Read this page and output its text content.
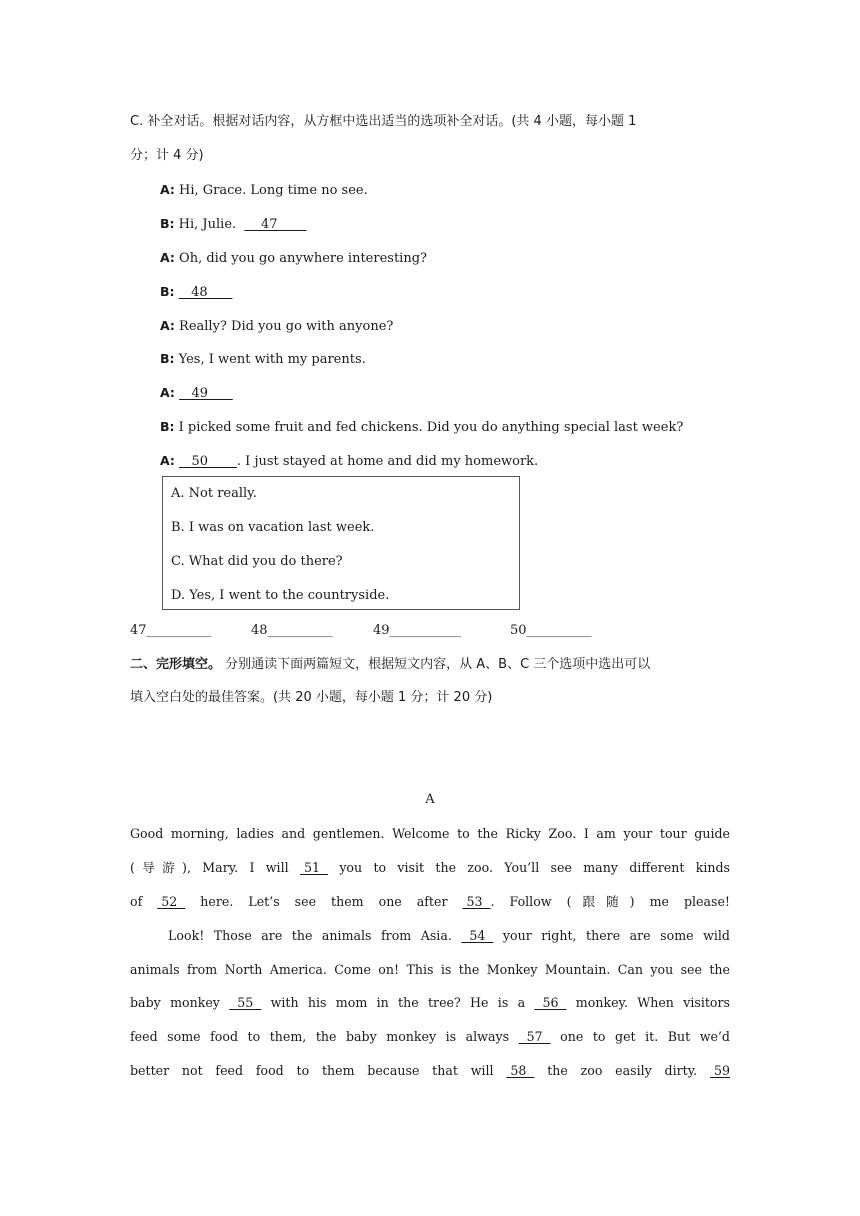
C. 补全对话。根据对话内容，从方框中选出适当的选项补全对话。(共 4 小题，每小题 1
分；计 4 分)
A: Hi, Grace. Long time no see.
B: Hi, Julie.      47
A: Oh, did you go anywhere interesting?
B:    48
A: Really? Did you go with anyone?
B: Yes, I went with my parents.
A:    49
B: I picked some fruit and fed chickens. Did you do anything special last week?
A:    50       . I just stayed at home and did my homework.
A. Not really.
B. I was on vacation last week.
C. What did you do there?
D. Yes, I went to the countryside.
47__________	48__________	49___________	50__________
二、完形填空。 分别通读下面两篇短文，根据短文内容，从 A、B、C 三个选项中选出可以
填入空白处的最佳答案。(共 20 小题，每小题 1 分；计 20 分)
A
Good morning, ladies and gentlemen. Welcome to the Ricky Zoo. I am your tour guide
(导游), Mary. I will  51   you to visit the zoo. You’ll see many different kinds
of  52   here. Let’s see them one after  53  . Follow (跟随) me please!
Look! Those are the animals from Asia.   54   your right, there are some wild
animals from North America. Come on! This is the Monkey Mountain. Can you see the
baby monkey   55   with his mom in the tree? He is a   56   monkey. When visitors
feed some food to them, the baby monkey is always   57   one to get it. But we’d
better not feed food to them because that will  58   the zoo easily dirty.  59
